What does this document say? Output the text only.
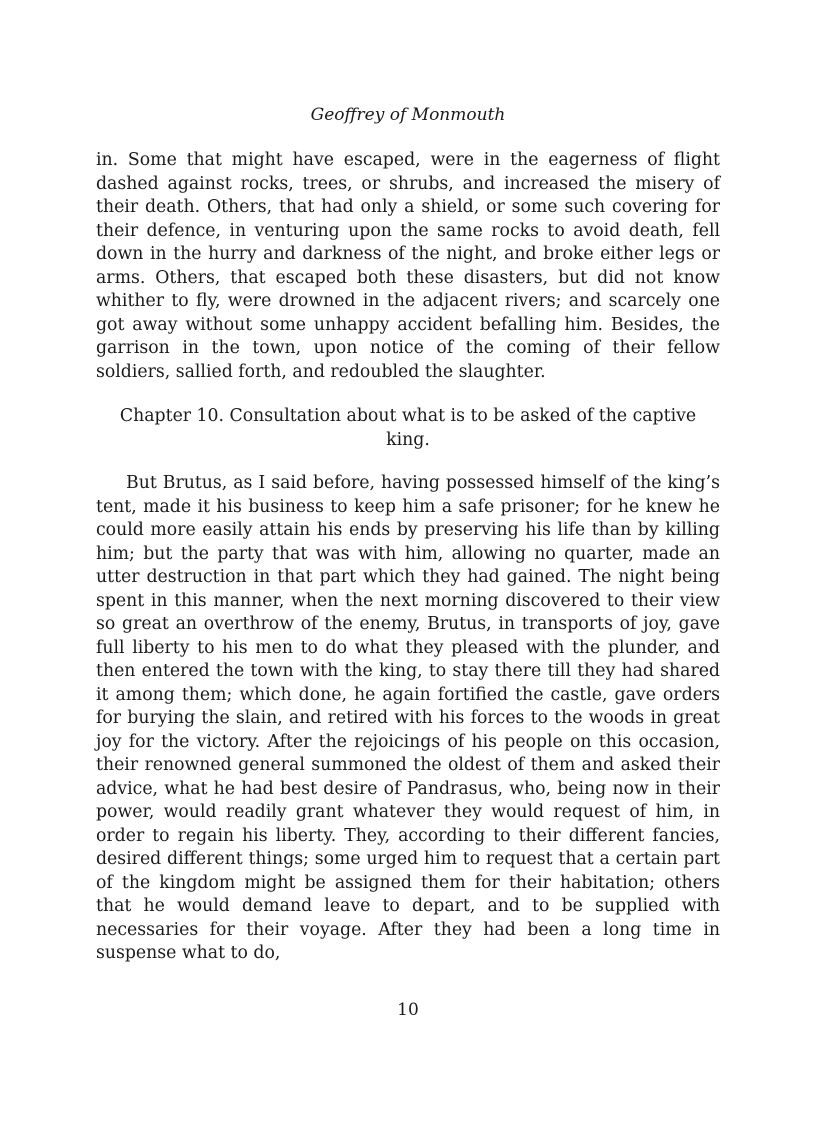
Geoffrey of Monmouth

in. Some that might have escaped, were in the eagerness of flight dashed against rocks, trees, or shrubs, and increased the misery of their death. Others, that had only a shield, or some such covering for their defence, in venturing upon the same rocks to avoid death, fell down in the hurry and darkness of the night, and broke either legs or arms. Others, that escaped both these disasters, but did not know whither to fly, were drowned in the adjacent rivers; and scarcely one got away without some unhappy accident befalling him. Besides, the garrison in the town, upon notice of the coming of their fellow soldiers, sallied forth, and redoubled the slaughter.

Chapter 10. Consultation about what is to be asked of the captive king.

But Brutus, as I said before, having possessed himself of the king’s tent, made it his business to keep him a safe prisoner; for he knew he could more easily attain his ends by preserving his life than by killing him; but the party that was with him, allowing no quarter, made an utter destruction in that part which they had gained. The night being spent in this manner, when the next morning discovered to their view so great an overthrow of the enemy, Brutus, in transports of joy, gave full liberty to his men to do what they pleased with the plunder, and then entered the town with the king, to stay there till they had shared it among them; which done, he again fortified the castle, gave orders for burying the slain, and retired with his forces to the woods in great joy for the victory. After the rejoicings of his people on this occasion, their renowned general summoned the oldest of them and asked their advice, what he had best desire of Pandrasus, who, being now in their power, would readily grant whatever they would request of him, in order to regain his liberty. They, according to their different fancies, desired different things; some urged him to request that a certain part of the kingdom might be assigned them for their habitation; others that he would demand leave to depart, and to be supplied with necessaries for their voyage. After they had been a long time in suspense what to do,

10
